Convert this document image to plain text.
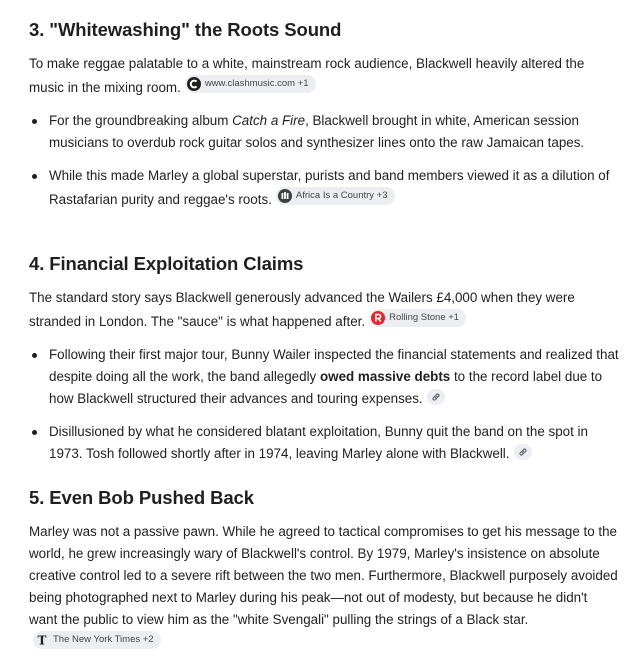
3. "Whitewashing" the Roots Sound

To make reggae palatable to a white, mainstream rock audience, Blackwell heavily altered the music in the mixing room.	www.clashmusic.com +1

For the groundbreaking album Catch a Fire, Blackwell brought in white, American session musicians to overdub rock guitar solos and synthesizer lines onto the raw Jamaican tapes.
While this made Marley a global superstar, purists and band members viewed it as a dilution of Rastafarian purity and reggae's roots.	Africa Is a Country +3
4. Financial Exploitation Claims

The standard story says Blackwell generously advanced the Wailers £4,000 when they were stranded in London. The "sauce" is what happened after.	Rolling Stone +1

Following their first major tour, Bunny Wailer inspected the financial statements and realized that despite doing all the work, the band allegedly owed massive debts to the record label due to how Blackwell structured their advances and touring expenses.
Disillusioned by what he considered blatant exploitation, Bunny quit the band on the spot in 1973. Tosh followed shortly after in 1974, leaving Marley alone with Blackwell.
5. Even Bob Pushed Back

Marley was not a passive pawn. While he agreed to tactical compromises to get his message to the world, he grew increasingly wary of Blackwell's control. By 1979, Marley's insistence on absolute creative control led to a severe rift between the two men. Furthermore, Blackwell purposely avoided being photographed next to Marley during his peak—not out of modesty, but because he didn't want the public to view him as the "white Svengali" pulling the strings of a Black star.
T The New York Times +2
